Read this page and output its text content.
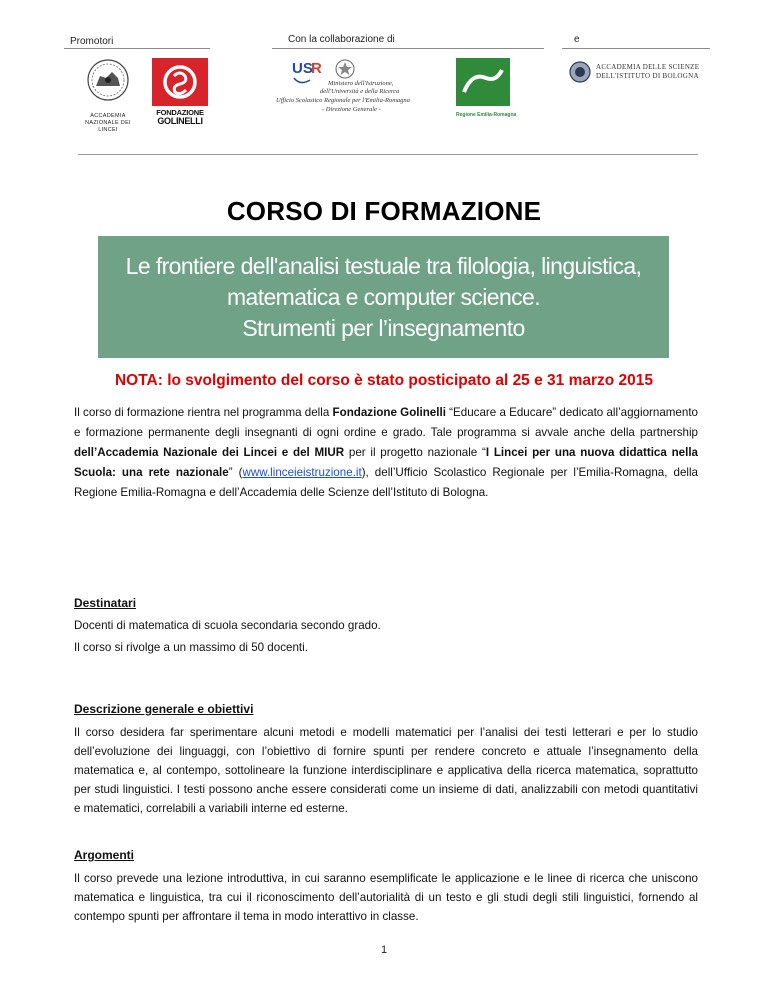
Promotori	Con la collaborazione di	e
ACCADEMIA NAZIONALE DEI LINCEI
FONDAZIONE
GOLINELLI
US
R
Ministero dell'Istruzione,
dell'Università e della Ricerca
Ufficio Scolastico Regionale per l'Emilia-Romagna
- Direzione Generale -
Regione Emilia-Romagna
ACCADEMIA DELLE SCIENZE
DELL'ISTITUTO DI BOLOGNA
CORSO DI FORMAZIONE
Le frontiere dell'analisi testuale tra filologia, linguistica,
matematica e computer science.
Strumenti per l’insegnamento
NOTA: lo svolgimento del corso è stato posticipato al 25 e 31 marzo 2015
Il corso di formazione rientra nel programma della Fondazione Golinelli “Educare a Educare” dedicato all’aggiornamento e formazione permanente degli insegnanti di ogni ordine e grado. Tale programma si avvale anche della partnership dell’Accademia Nazionale dei Lincei e del MIUR per il progetto nazionale “I Lincei per una nuova didattica nella Scuola: una rete nazionale” (www.linceieistruzione.it), dell’Ufficio Scolastico Regionale per l’Emilia-Romagna, della Regione Emilia-Romagna e dell’Accademia delle Scienze dell’Istituto di Bologna.
Destinatari
Docenti di matematica di scuola secondaria secondo grado.
Il corso si rivolge a un massimo di 50 docenti.
Descrizione generale e obiettivi
Il corso desidera far sperimentare alcuni metodi e modelli matematici per l’analisi dei testi letterari e per lo studio dell’evoluzione dei linguaggi, con l’obiettivo di fornire spunti per rendere concreto e attuale l’insegnamento della matematica e, al contempo, sottolineare la funzione interdisciplinare e applicativa della ricerca matematica, soprattutto per studi linguistici. I testi possono anche essere considerati come un insieme di dati, analizzabili con metodi quantitativi e matematici, correlabili a variabili interne ed esterne.
Argomenti
Il corso prevede una lezione introduttiva, in cui saranno esemplificate le applicazione e le linee di ricerca che uniscono matematica e linguistica, tra cui il riconoscimento dell’autorialità di un testo e gli studi degli stili linguistici, fornendo al contempo spunti per affrontare il tema in modo interattivo in classe.
1
